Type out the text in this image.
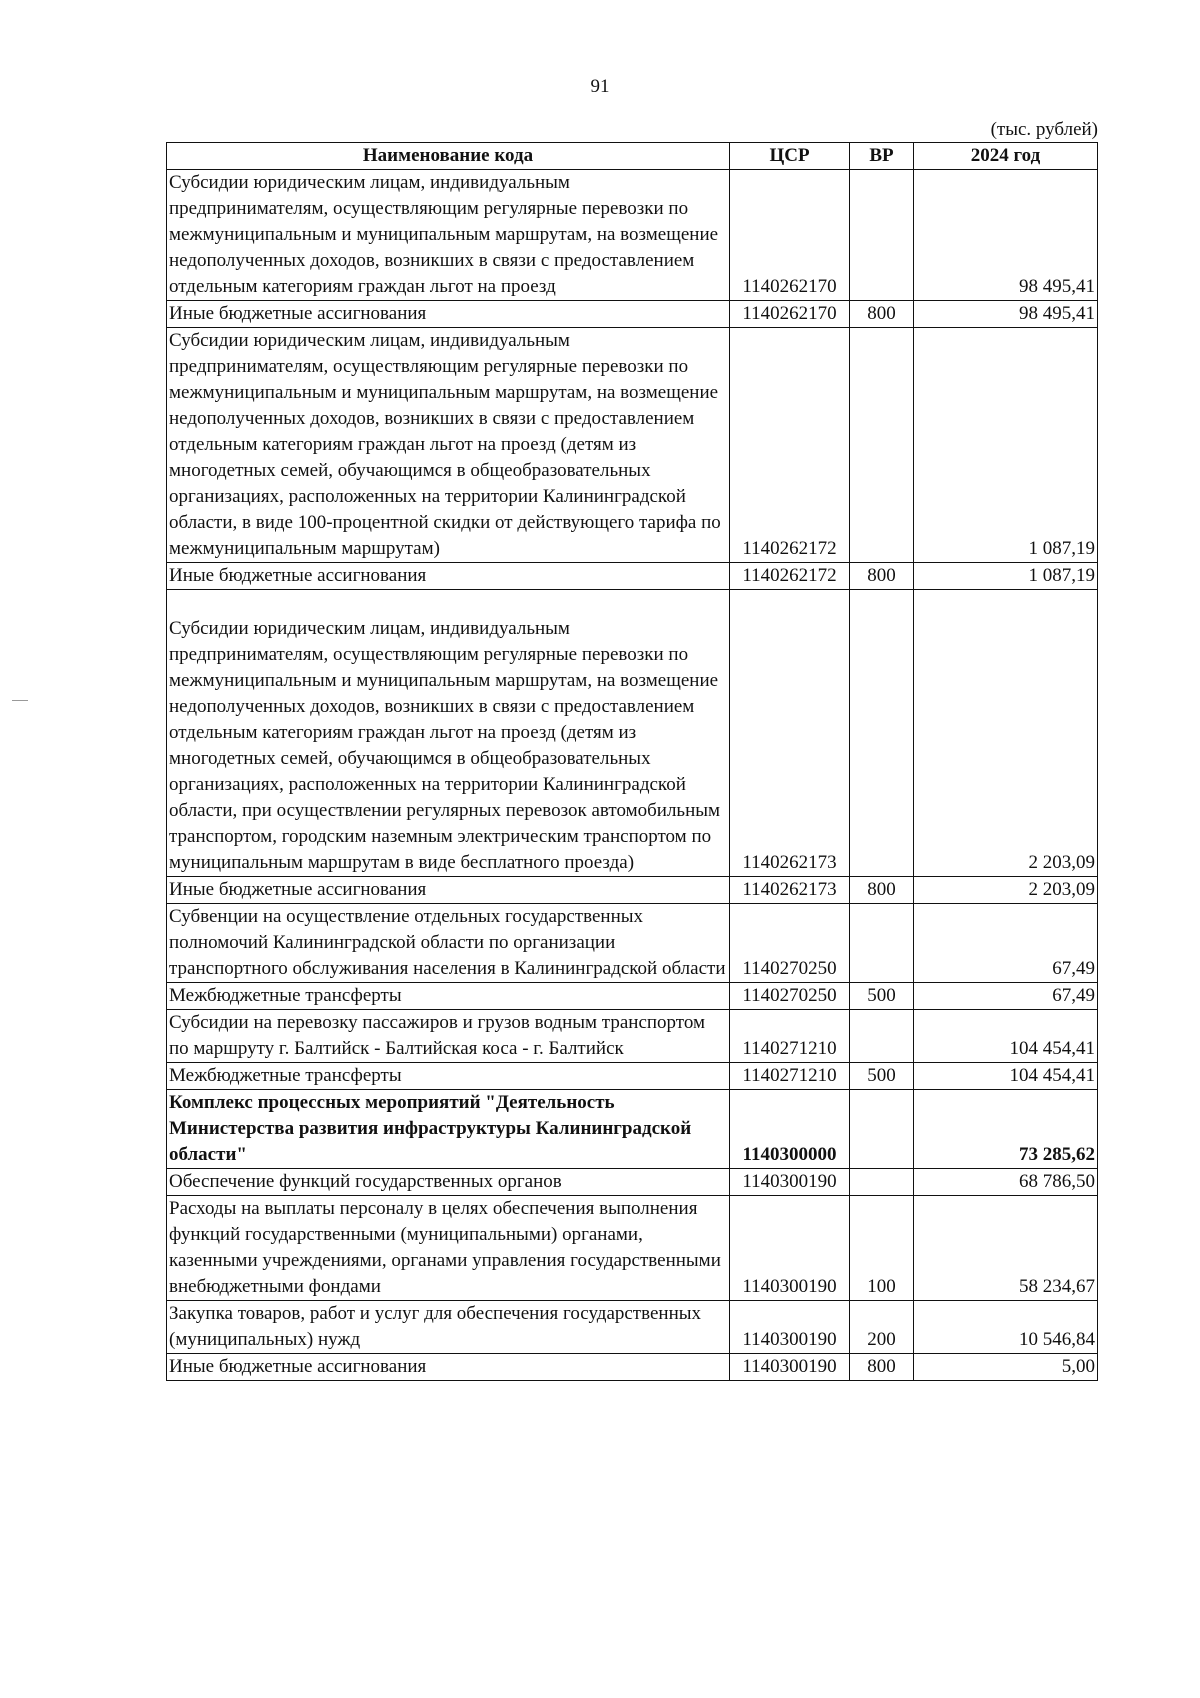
91
(тыс. рублей)
Наименование кода	ЦСР	ВР	2024 год
Субсидии юридическим лицам, индивидуальным предпринимателям, осуществляющим регулярные перевозки по межмуниципальным и муниципальным маршрутам, на возмещение недополученных доходов, возникших в связи с предоставлением отдельным категориям граждан льгот на проезд	1140262170		98 495,41
Иные бюджетные ассигнования	1140262170	800	98 495,41
Субсидии юридическим лицам, индивидуальным предпринимателям, осуществляющим регулярные перевозки по межмуниципальным и муниципальным маршрутам, на возмещение недополученных доходов, возникших в связи с предоставлением отдельным категориям граждан льгот на проезд (детям из многодетных семей, обучающимся в общеобразовательных организациях, расположенных на территории Калининградской области, в виде 100-процентной скидки от действующего тарифа по межмуниципальным маршрутам)	1140262172		1 087,19
Иные бюджетные ассигнования	1140262172	800	1 087,19
Субсидии юридическим лицам, индивидуальным предпринимателям, осуществляющим регулярные перевозки по межмуниципальным и муниципальным маршрутам, на возмещение недополученных доходов, возникших в связи с предоставлением отдельным категориям граждан льгот на проезд (детям из многодетных семей, обучающимся в общеобразовательных организациях, расположенных на территории Калининградской области, при осуществлении регулярных перевозок автомобильным транспортом, городским наземным электрическим транспортом по муниципальным маршрутам в виде бесплатного проезда)	1140262173		2 203,09
Иные бюджетные ассигнования	1140262173	800	2 203,09
Субвенции на осуществление отдельных государственных полномочий Калининградской области по организации транспортного обслуживания населения в Калининградской области	1140270250		67,49
Межбюджетные трансферты	1140270250	500	67,49
Субсидии на перевозку пассажиров и грузов водным транспортом по маршруту г. Балтийск - Балтийская коса - г. Балтийск	1140271210		104 454,41
Межбюджетные трансферты	1140271210	500	104 454,41
Комплекс процессных мероприятий "Деятельность Министерства развития инфраструктуры Калининградской области"	1140300000		73 285,62
Обеспечение функций государственных органов	1140300190		68 786,50
Расходы на выплаты персоналу в целях обеспечения выполнения функций государственными (муниципальными) органами, казенными учреждениями, органами управления государственными внебюджетными фондами	1140300190	100	58 234,67
Закупка товаров, работ и услуг для обеспечения государственных (муниципальных) нужд	1140300190	200	10 546,84
Иные бюджетные ассигнования	1140300190	800	5,00
